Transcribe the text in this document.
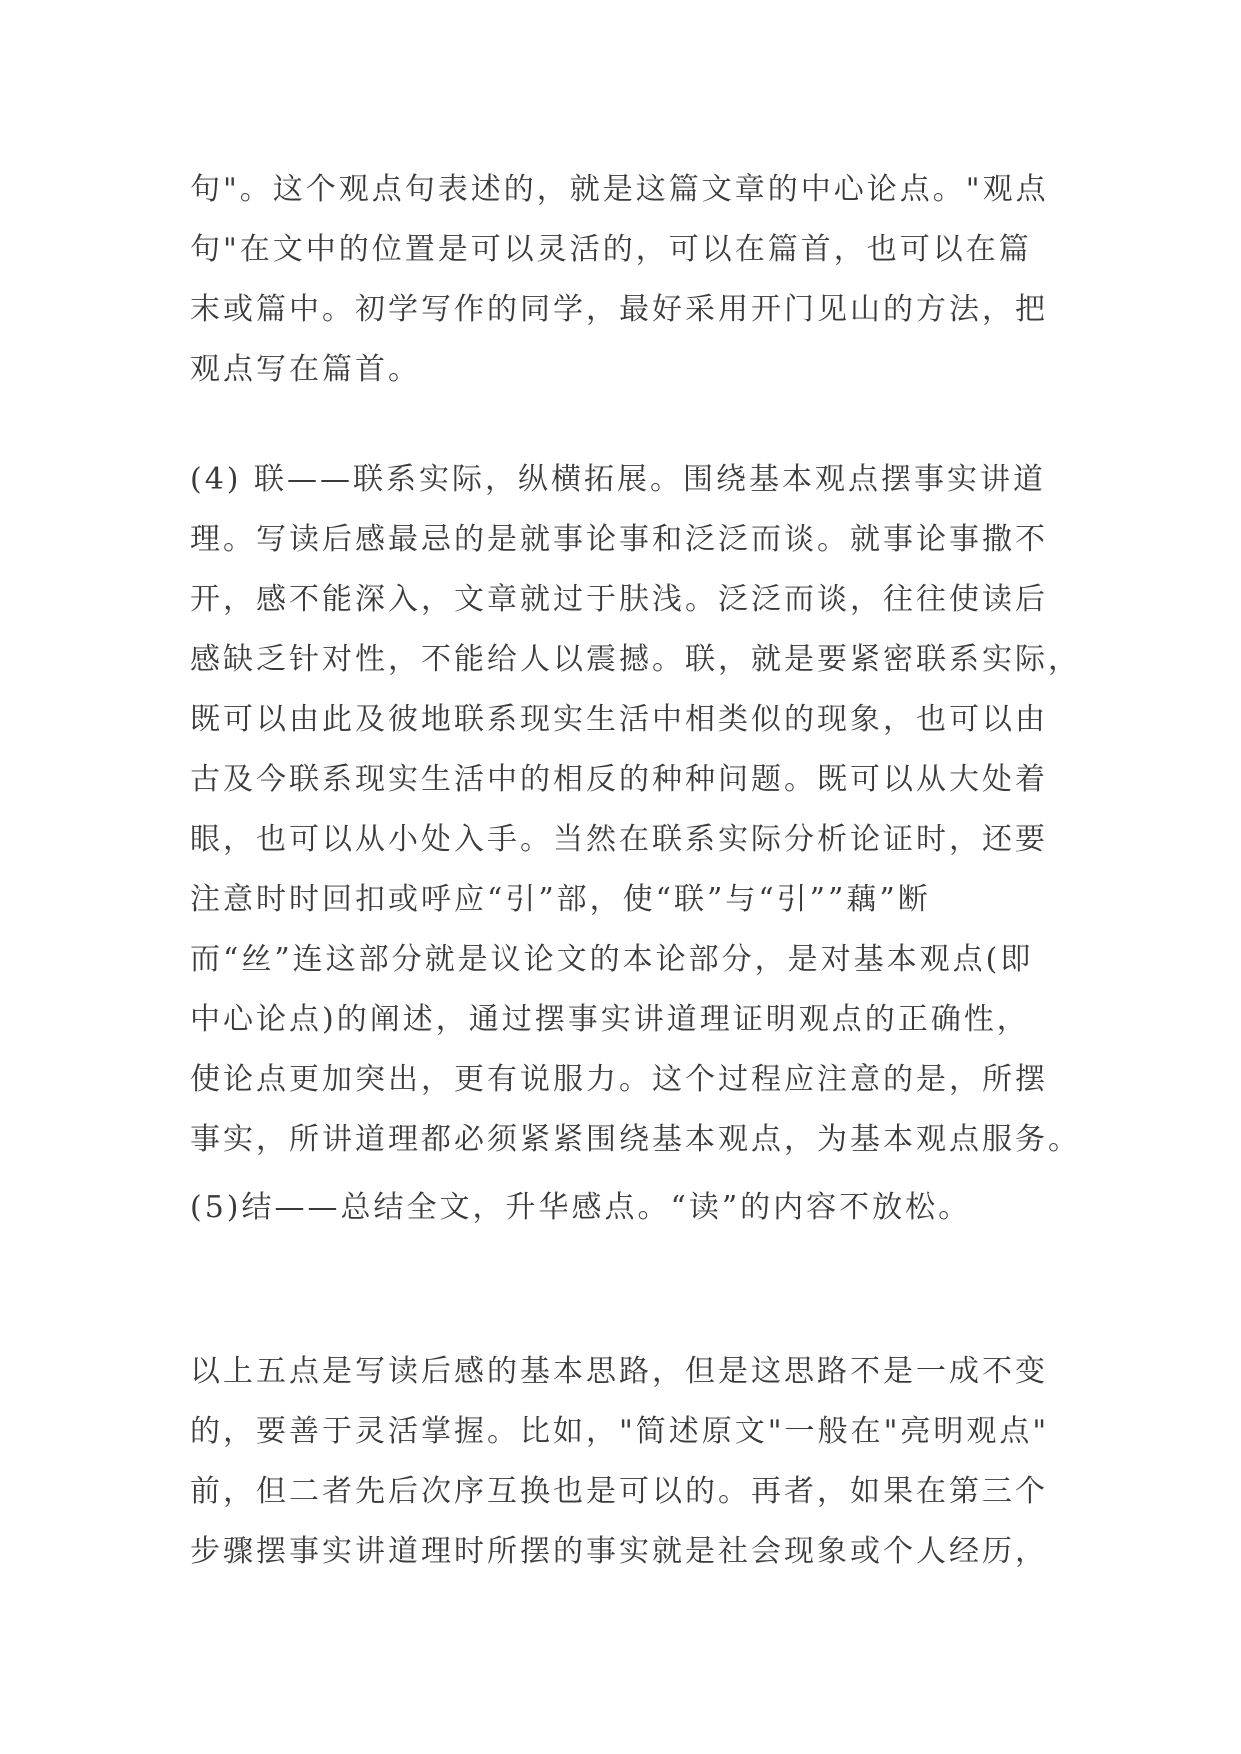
句"。这个观点句表述的，就是这篇文章的中心论点。"观点
句"在文中的位置是可以灵活的，可以在篇首，也可以在篇
末或篇中。初学写作的同学，最好采用开门见山的方法，把
观点写在篇首。
(4) 联——联系实际，纵横拓展。围绕基本观点摆事实讲道
理。写读后感最忌的是就事论事和泛泛而谈。就事论事撒不
开，感不能深入，文章就过于肤浅。泛泛而谈，往往使读后
感缺乏针对性，不能给人以震撼。联，就是要紧密联系实际，
既可以由此及彼地联系现实生活中相类似的现象，也可以由
古及今联系现实生活中的相反的种种问题。既可以从大处着
眼，也可以从小处入手。当然在联系实际分析论证时，还要
注意时时回扣或呼应“引”部，使“联”与“引””藕”断
而“丝”连这部分就是议论文的本论部分，是对基本观点(即
中心论点)的阐述，通过摆事实讲道理证明观点的正确性，
使论点更加突出，更有说服力。这个过程应注意的是，所摆
事实，所讲道理都必须紧紧围绕基本观点，为基本观点服务。
(5)结——总结全文，升华感点。“读”的内容不放松。
以上五点是写读后感的基本思路，但是这思路不是一成不变
的，要善于灵活掌握。比如，"简述原文"一般在"亮明观点"
前，但二者先后次序互换也是可以的。再者，如果在第三个
步骤摆事实讲道理时所摆的事实就是社会现象或个人经历，
